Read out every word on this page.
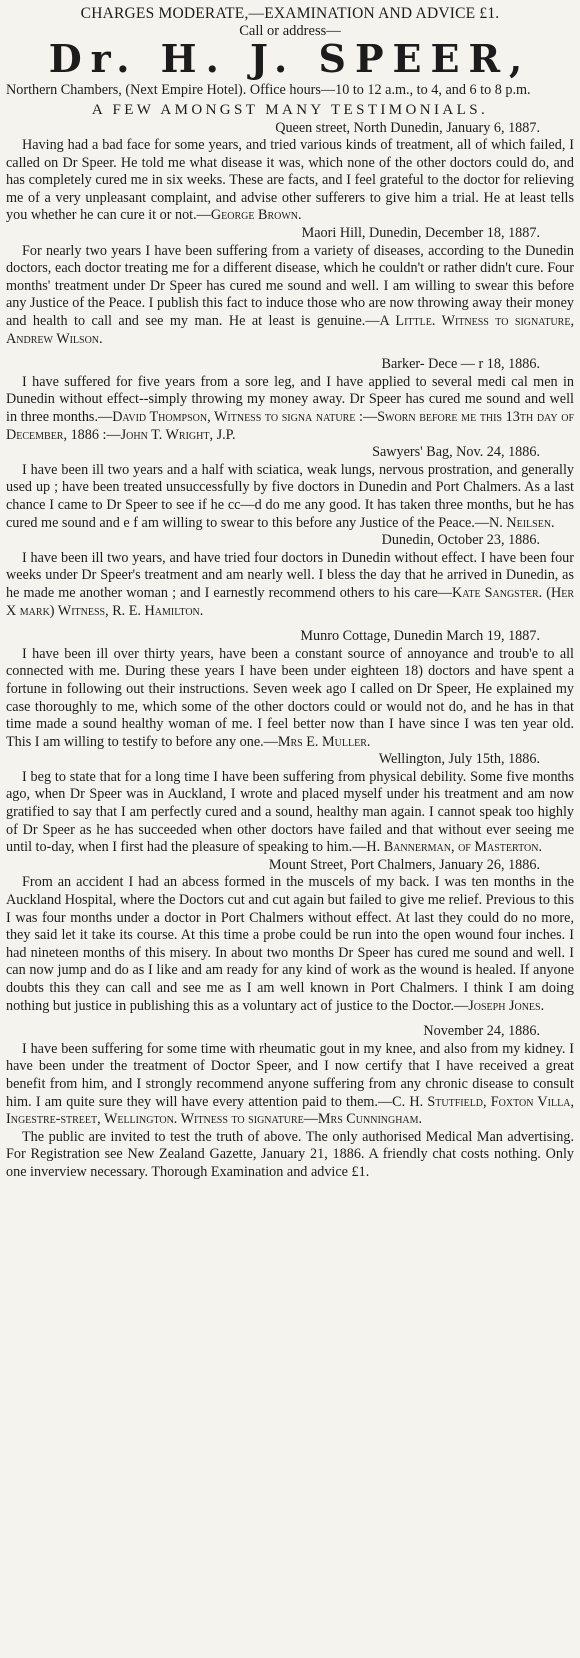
CHARGES MODERATE,—EXAMINATION AND ADVICE £1.

Call or address—

Dr. H. J. SPEER,

Northern Chambers, (Next Empire Hotel). Office hours—10 to 12 a.m., to 4, and 6 to 8 p.m.

A FEW AMONGST MANY TESTIMONIALS.

Queen street, North Dunedin, January 6, 1887.

Having had a bad face for some years, and tried various kinds of treatment, all of which failed, I called on Dr Speer. He told me what disease it was, which none of the other doctors could do, and has completely cured me in six weeks. These are facts, and I feel grateful to the doctor for relieving me of a very unpleasant complaint, and advise other sufferers to give him a trial. He at least tells you whether he can cure it or not.—George Brown.

Maori Hill, Dunedin, December 18, 1887.

For nearly two years I have been suffering from a variety of diseases, according to the Dunedin doctors, each doctor treating me for a different disease, which he couldn't or rather didn't cure. Four months' treatment under Dr Speer has cured me sound and well. I am willing to swear this before any Justice of the Peace. I publish this fact to induce those who are now throwing away their money and health to call and see my man. He at least is genuine.—A Little. Witness to signature, Andrew Wilson.

Barker- Dece — r 18, 1886.

I have suffered for five years from a sore leg, and I have applied to several medi cal men in Dunedin without effect--simply throwing my money away. Dr Speer has cured me sound and well in three months.—David Thompson, Witness to signa nature :—Sworn before me this 13th day of December, 1886 :—John T. Wright, J.P.

Sawyers' Bag, Nov. 24, 1886.

I have been ill two years and a half with sciatica, weak lungs, nervous prostration, and generally used up ; have been treated unsuccessfully by five doctors in Dunedin and Port Chalmers. As a last chance I came to Dr Speer to see if he cc⁠—d do me any good. It has taken three months, but he has cured me sound and e f am willing to swear to this before any Justice of the Peace.—N. Neilsen.

Dunedin, October 23, 1886.

I have been ill two years, and have tried four doctors in Dunedin without effect. I have been four weeks under Dr Speer's treatment and am nearly well. I bless the day that he arrived in Dunedin, as he made me another woman ; and I earnestly recommend others to his care—Kate Sangster. (Her X mark) Witness, R. E. Hamilton.

Munro Cottage, Dunedin March 19, 1887.

I have been ill over thirty years, have been a constant source of annoyance and troub'e to all connected with me. During these years I have been under eighteen 18) doctors and have spent a fortune in following out their instructions. Seven week ago I called on Dr Speer, He explained my case thoroughly to me, which some of the other doctors could or would not do, and he has in that time made a sound healthy woman of me. I feel better now than I have since I was ten year old. This I am willing to testify to before any one.—Mrs E. Muller.

Wellington, July 15th, 1886.

I beg to state that for a long time I have been suffering from physical debility. Some five months ago, when Dr Speer was in Auckland, I wrote and placed myself under his treatment and am now gratified to say that I am perfectly cured and a sound, healthy man again. I cannot speak too highly of Dr Speer as he has succeeded when other doctors have failed and that without ever seeing me until to-day, when I first had the pleasure of speaking to him.—H. Bannerman, of Masterton.

Mount Street, Port Chalmers, January 26, 1886.

From an accident I had an abcess formed in the muscels of my back. I was ten months in the Auckland Hospital, where the Doctors cut and cut again but failed to give me relief. Previous to this I was four months under a doctor in Port Chalmers without effect. At last they could do no more, they said let it take its course. At this time a probe could be run into the open wound four inches. I had nineteen months of this misery. In about two months Dr Speer has cured me sound and well. I can now jump and do as I like and am ready for any kind of work as the wound is healed. If anyone doubts this they can call and see me as I am well known in Port Chalmers. I think I am doing nothing but justice in publishing this as a voluntary act of justice to the Doctor.—Joseph Jones.

November 24, 1886.

I have been suffering for some time with rheumatic gout in my knee, and also from my kidney. I have been under the treatment of Doctor Speer, and I now certify that I have received a great benefit from him, and I strongly recommend anyone suffering from any chronic disease to consult him. I am quite sure they will have every attention paid to them.—C. H. Stutfield, Foxton Villa, Ingestre-street, Wellington. Witness to signature—Mrs Cunningham.

The public are invited to test the truth of above. The only authorised Medical Man advertising. For Registration see New Zealand Gazette, January 21, 1886. A friendly chat costs nothing. Only one inverview necessary. Thorough Examination and advice £1.
